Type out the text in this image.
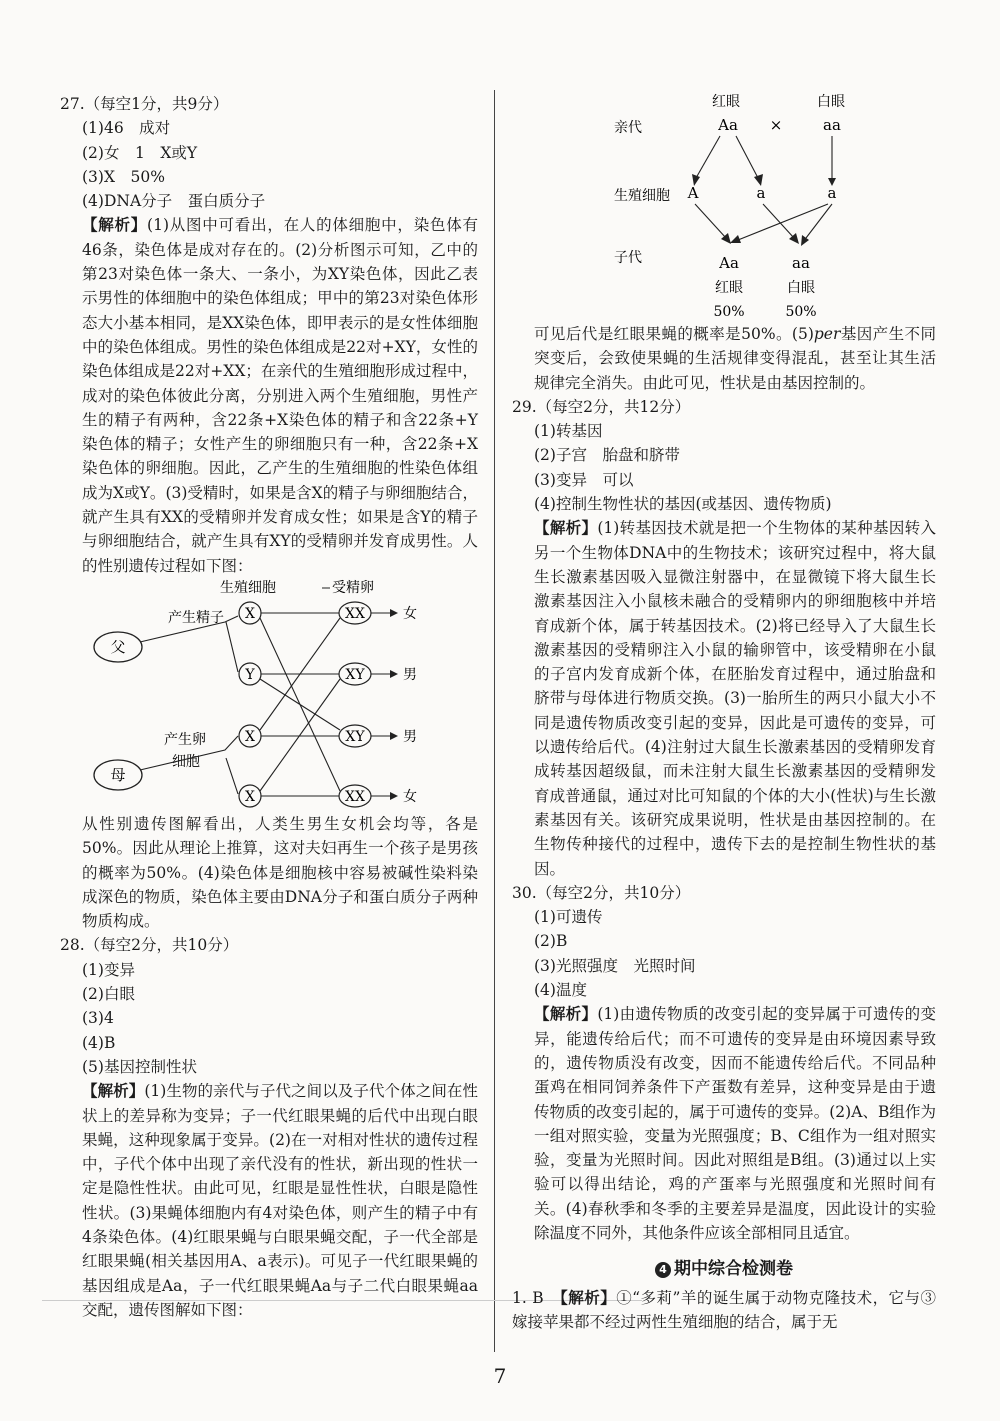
27.（每空1分，共9分）

(1)46　成对

(2)女　1　X或Y

(3)X　50%

(4)DNA分子　蛋白质分子

【解析】(1)从图中可看出，在人的体细胞中，染色体有46条，染色体是成对存在的。(2)分析图示可知，乙中的第23对染色体一条大、一条小，为XY染色体，因此乙表示男性的体细胞中的染色体组成；甲中的第23对染色体形态大小基本相同，是XX染色体，即甲表示的是女性体细胞中的染色体组成。男性的染色体组成是22对+XY，女性的染色体组成是22对+XX；在亲代的生殖细胞形成过程中，成对的染色体彼此分离，分别进入两个生殖细胞，男性产生的精子有两种，含22条+X染色体的精子和含22条+Y染色体的精子；女性产生的卵细胞只有一种，含22条+X染色体的卵细胞。因此，乙产生的生殖细胞的性染色体组成为X或Y。(3)受精时，如果是含X的精子与卵细胞结合，就产生具有XX的受精卵并发育成女性；如果是含Y的精子与卵细胞结合，就产生具有XY的受精卵并发育成男性。人的性别遗传过程如下图：

生殖细胞	受精卵
父
产生精子
母
产生卵
细胞
X
Y
X
X
XX
XY
XY
XX
女
男
男
女

从性别遗传图解看出，人类生男生女机会均等，各是50%。因此从理论上推算，这对夫妇再生一个孩子是男孩的概率为50%。(4)染色体是细胞核中容易被碱性染料染成深色的物质，染色体主要由DNA分子和蛋白质分子两种物质构成。

28.（每空2分，共10分）

(1)变异

(2)白眼

(3)4

(4)B

(5)基因控制性状

【解析】(1)生物的亲代与子代之间以及子代个体之间在性状上的差异称为变异；子一代红眼果蝇的后代中出现白眼果蝇，这种现象属于变异。(2)在一对相对性状的遗传过程中，子代个体中出现了亲代没有的性状，新出现的性状一定是隐性性状。由此可见，红眼是显性性状，白眼是隐性性状。(3)果蝇体细胞内有4对染色体，则产生的精子中有4条染色体。(4)红眼果蝇与白眼果蝇交配，子一代全部是红眼果蝇(相关基因用A、a表示)。可见子一代红眼果蝇的基因组成是Aa，子一代红眼果蝇Aa与子二代白眼果蝇aa交配，遗传图解如下图：

红眼	白眼
亲代	Aa ×	aa
生殖细胞 A	a	a
子代	Aa	aa
红眼	白眼
50%	50%

可见后代是红眼果蝇的概率是50%。(5)per基因产生不同突变后，会致使果蝇的生活规律变得混乱，甚至让其生活规律完全消失。由此可见，性状是由基因控制的。

29.（每空2分，共12分）

(1)转基因

(2)子宫　胎盘和脐带

(3)变异　可以

(4)控制生物性状的基因(或基因、遗传物质)

【解析】(1)转基因技术就是把一个生物体的某种基因转入另一个生物体DNA中的生物技术；该研究过程中，将大鼠生长激素基因吸入显微注射器中，在显微镜下将大鼠生长激素基因注入小鼠核未融合的受精卵内的卵细胞核中并培育成新个体，属于转基因技术。(2)将已经导入了大鼠生长激素基因的受精卵注入小鼠的输卵管中，该受精卵在小鼠的子宫内发育成新个体，在胚胎发育过程中，通过胎盘和脐带与母体进行物质交换。(3)一胎所生的两只小鼠大小不同是遗传物质改变引起的变异，因此是可遗传的变异，可以遗传给后代。(4)注射过大鼠生长激素基因的受精卵发育成转基因超级鼠，而未注射大鼠生长激素基因的受精卵发育成普通鼠，通过对比可知鼠的个体的大小(性状)与生长激素基因有关。该研究成果说明，性状是由基因控制的。在生物传种接代的过程中，遗传下去的是控制生物性状的基因。

30.（每空2分，共10分）

(1)可遗传

(2)B

(3)光照强度　光照时间

(4)温度

【解析】(1)由遗传物质的改变引起的变异属于可遗传的变异，能遗传给后代；而不可遗传的变异是由环境因素导致的，遗传物质没有改变，因而不能遗传给后代。不同品种蛋鸡在相同饲养条件下产蛋数有差异，这种变异是由于遗传物质的改变引起的，属于可遗传的变异。(2)A、B组作为一组对照实验，变量为光照强度；B、C组作为一组对照实验，变量为光照时间。因此对照组是B组。(3)通过以上实验可以得出结论，鸡的产蛋率与光照强度和光照时间有关。(4)春秋季和冬季的主要差异是温度，因此设计的实验除温度不同外，其他条件应该全部相同且适宜。

4 期中综合检测卷

1. B　 【解析】①“多莉”羊的诞生属于动物克隆技术，它与③嫁接苹果都不经过两性生殖细胞的结合，属于无

7
